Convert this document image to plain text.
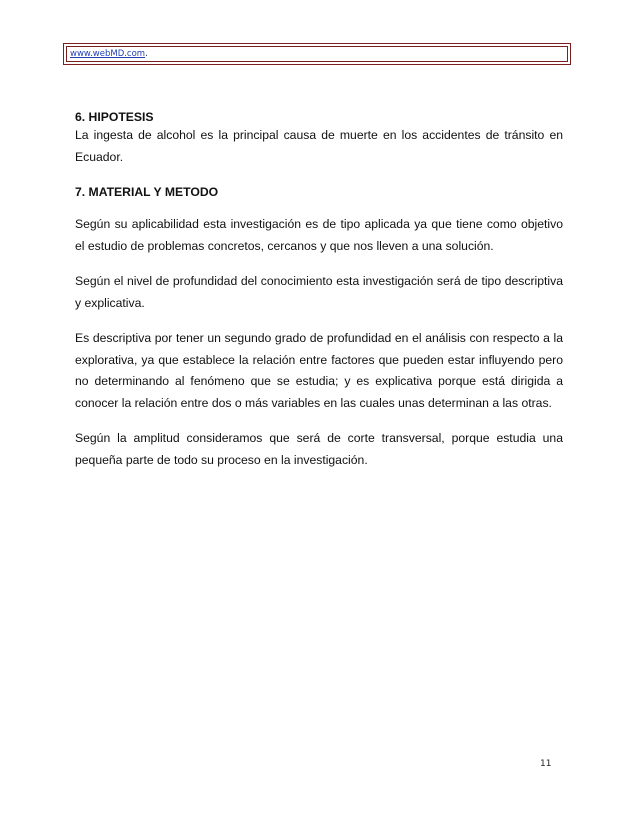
www.webMD.com.
6. HIPOTESIS

La ingesta de alcohol es la principal causa de muerte en los accidentes de tránsito en Ecuador.

7. MATERIAL Y METODO

Según su aplicabilidad esta investigación es de tipo aplicada ya que tiene como objetivo el estudio de problemas concretos, cercanos y que nos lleven a una solución.

Según el nivel de profundidad del conocimiento esta investigación será de tipo descriptiva y explicativa.

Es descriptiva por tener un segundo grado de profundidad en el análisis con respecto a la explorativa, ya que establece la relación entre factores que pueden estar influyendo pero no determinando al fenómeno que se estudia; y es explicativa porque está dirigida a conocer la relación entre dos o más variables en las cuales unas determinan a las otras.

Según la amplitud consideramos que será de corte transversal, porque estudia una pequeña parte de todo su proceso en la investigación.

11
